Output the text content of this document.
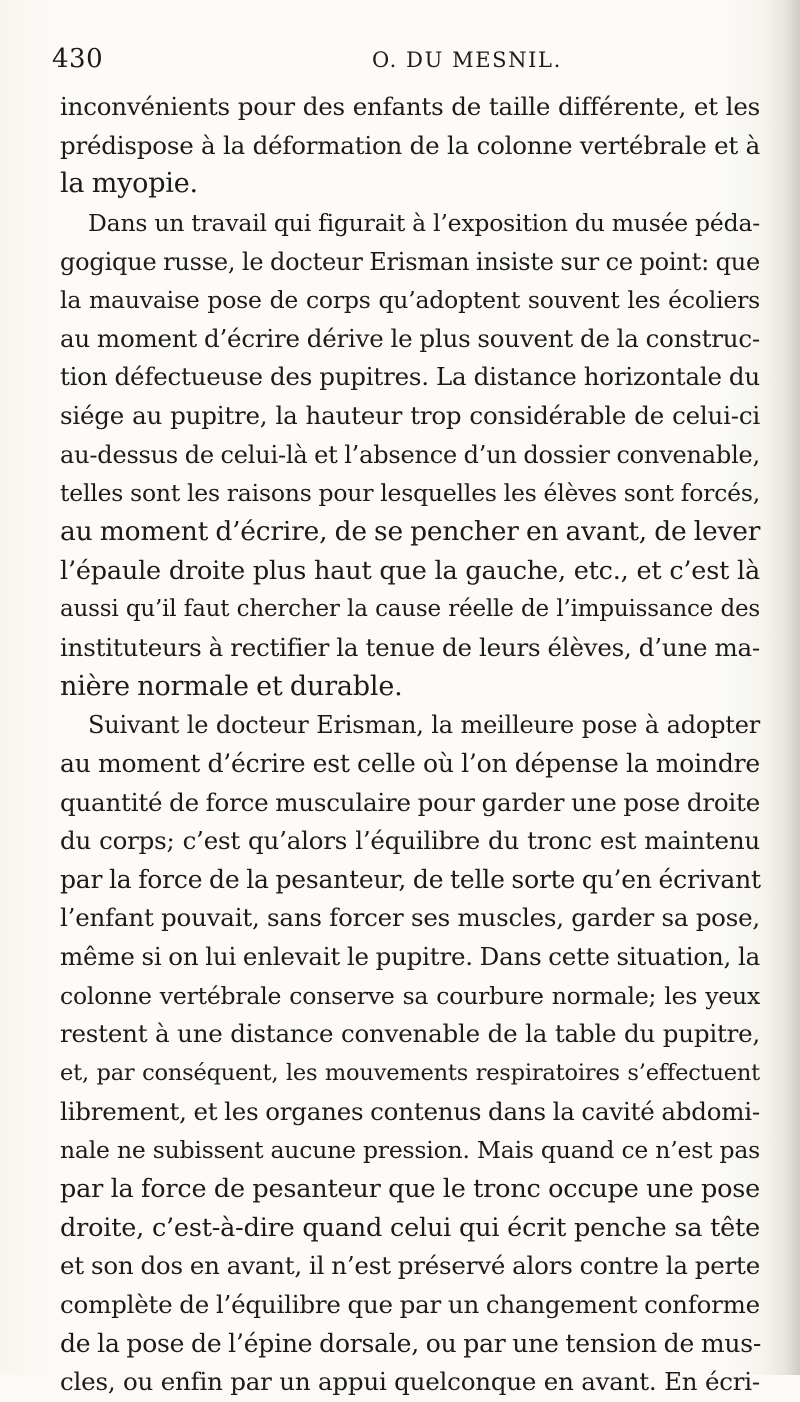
430	O. DU MESNIL.
inconvénients pour des enfants de taille différente, et les
prédispose à la déformation de la colonne vertébrale et à
la myopie.
Dans un travail qui figurait à l’exposition du musée péda-
gogique russe, le docteur Erisman insiste sur ce point: que
la mauvaise pose de corps qu’adoptent souvent les écoliers
au moment d’écrire dérive le plus souvent de la construc-
tion défectueuse des pupitres. La distance horizontale du
siége au pupitre, la hauteur trop considérable de celui-ci
au-dessus de celui-là et l’absence d’un dossier convenable,
telles sont les raisons pour lesquelles les élèves sont forcés,
au moment d’écrire, de se pencher en avant, de lever
l’épaule droite plus haut que la gauche, etc., et c’est là
aussi qu’il faut chercher la cause réelle de l’impuissance des
instituteurs à rectifier la tenue de leurs élèves, d’une ma-
nière normale et durable.
Suivant le docteur Erisman, la meilleure pose à adopter
au moment d’écrire est celle où l’on dépense la moindre
quantité de force musculaire pour garder une pose droite
du corps; c’est qu’alors l’équilibre du tronc est maintenu
par la force de la pesanteur, de telle sorte qu’en écrivant
l’enfant pouvait, sans forcer ses muscles, garder sa pose,
même si on lui enlevait le pupitre. Dans cette situation, la
colonne vertébrale conserve sa courbure normale; les yeux
restent à une distance convenable de la table du pupitre,
et, par conséquent, les mouvements respiratoires s’effectuent
librement, et les organes contenus dans la cavité abdomi-
nale ne subissent aucune pression. Mais quand ce n’est pas
par la force de pesanteur que le tronc occupe une pose
droite, c’est-à-dire quand celui qui écrit penche sa tête
et son dos en avant, il n’est préservé alors contre la perte
complète de l’équilibre que par un changement conforme
de la pose de l’épine dorsale, ou par une tension de mus-
cles, ou enfin par un appui quelconque en avant. En écri-
